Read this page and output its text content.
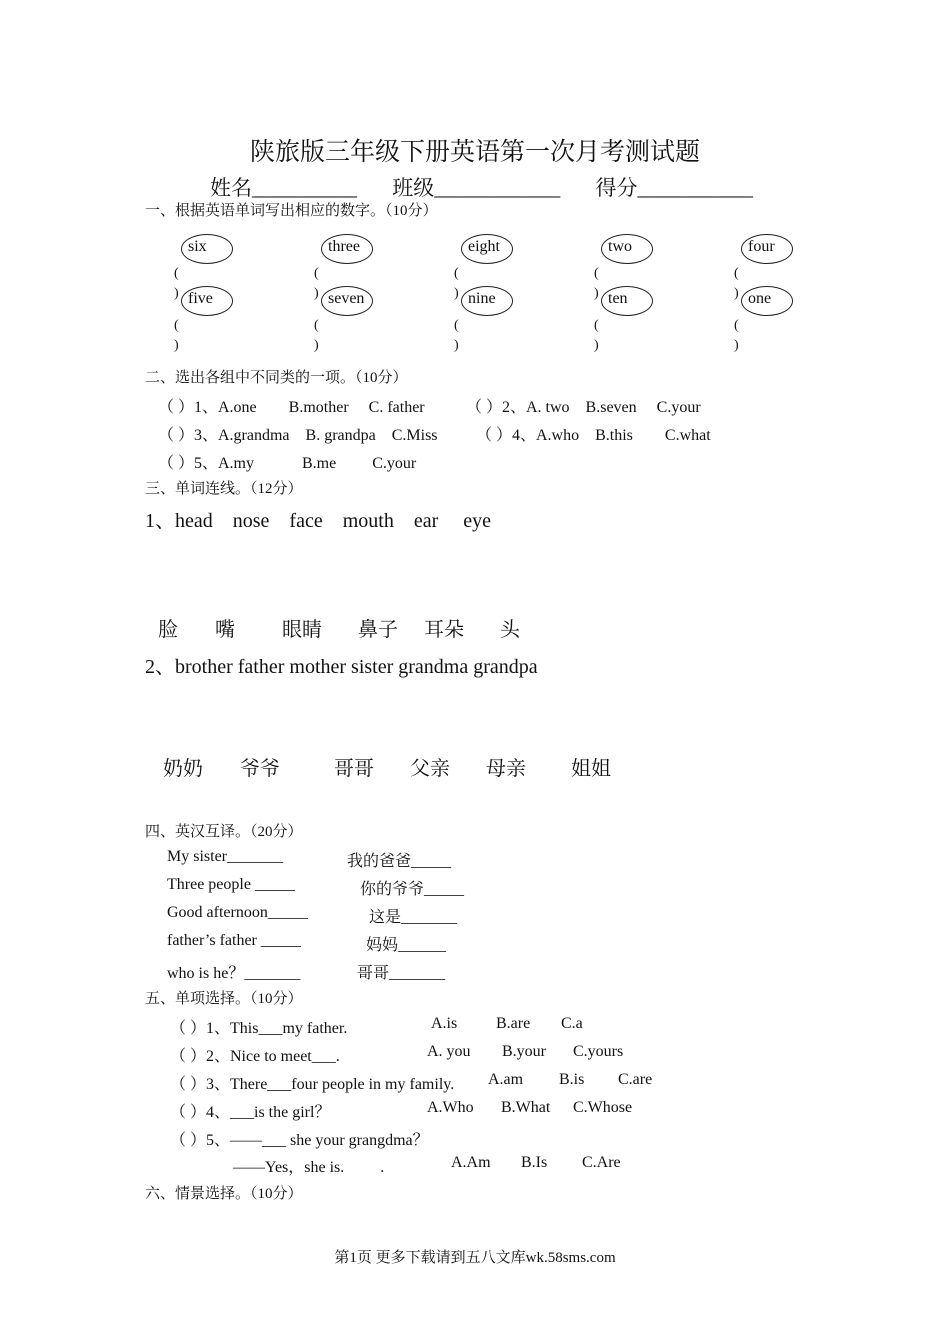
陕旅版三年级下册英语第一次月考测试题
姓名__________ 班级____________ 得分___________
一、根据英语单词写出相应的数字。（10分）
six	three	eight	two	four
(
)
(
)
(
)
(
)
(
)
five	seven	nine	ten	one
(
)
(
)
(
)
(
)
(
)
二、选出各组中不同类的一项。（10分）
（ ）1、A.one　　B.mother　 C. father	（ ）2、A. two　B.seven　 C.your
（ ）3、A.grandma　B. grandpa　C.Miss （ ）4、A.who　B.this　　C.what
（ ）5、A.my　　　B.me　　 C.your
三、单词连线。（12分）
1、head　nose　face　mouth　ear　 eye
脸 嘴 眼睛 鼻子 耳朵 头
2、brother father mother sister grandma grandpa
奶奶 爷爷	哥哥 父亲 母亲 姐姐
四、英汉互译。（20分）
My sister_______	我的爸爸_____
Three people _____	你的爷爷_____
Good afternoon_____	这是_______
father’s father _____	妈妈______
who is he？_______	哥哥_______
五、单项选择。（10分）
（ ）1、This___my father.	A.is B.are C.a
（ ）2、Nice to meet___.	A. you B.your C.yours
（ ）3、There___four people in my family. A.am B.is C.are
（ ）4、___is the girl？	A.Who B.What C.Whose
（ ）5、——___ she your grangdma？
——Yes，she is.　　 .	A.Am B.Is C.Are
六、情景选择。（10分）
第1页 更多下载请到五八文库wk.58sms.com
